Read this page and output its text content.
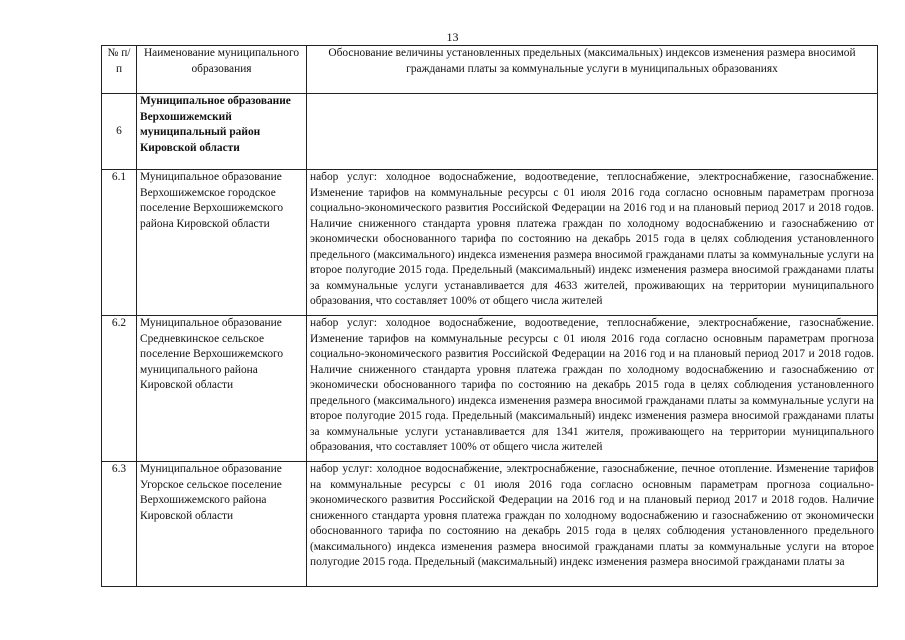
13
№ п/п	Наименование муниципального образования	Обоснование величины установленных предельных (максимальных) индексов изменения размера вносимой гражданами платы за коммунальные услуги в муниципальных образованиях
6	Муниципальное образование Верхошижемский муниципальный район Кировской области	
6.1	Муниципальное образование Верхошижемское городское поселение Верхошижемского района Кировской области	набор услуг: холодное водоснабжение, водоотведение, теплоснабжение, электроснабжение, газоснабжение. Изменение тарифов на коммунальные ресурсы с 01 июля 2016 года согласно основным параметрам прогноза социально-экономического развития Российской Федерации на 2016 год и на плановый период 2017 и 2018 годов. Наличие сниженного стандарта уровня платежа граждан по холодному водоснабжению и газоснабжению от экономически обоснованного тарифа по состоянию на декабрь 2015 года в целях соблюдения установленного предельного (максимального) индекса изменения размера вносимой гражданами платы за коммунальные услуги на второе полугодие 2015 года. Предельный (максимальный) индекс изменения размера вносимой гражданами платы за коммунальные услуги устанавливается для 4633 жителей, проживающих на территории муниципального образования, что составляет 100% от общего числа жителей
6.2	Муниципальное образование Средневкинское сельское поселение Верхошижемского муниципального района Кировской области	набор услуг: холодное водоснабжение, водоотведение, теплоснабжение, электроснабжение, газоснабжение. Изменение тарифов на коммунальные ресурсы с 01 июля 2016 года согласно основным параметрам прогноза социально-экономического развития Российской Федерации на 2016 год и на плановый период 2017 и 2018 годов. Наличие сниженного стандарта уровня платежа граждан по холодному водоснабжению и газоснабжению от экономически обоснованного тарифа по состоянию на декабрь 2015 года в целях соблюдения установленного предельного (максимального) индекса изменения размера вносимой гражданами платы за коммунальные услуги на второе полугодие 2015 года. Предельный (максимальный) индекс изменения размера вносимой гражданами платы за коммунальные услуги устанавливается для 1341 жителя, проживающего на территории муниципального образования, что составляет 100% от общего числа жителей
6.3	Муниципальное образование Угорское сельское поселение Верхошижемского района Кировской области	набор услуг: холодное водоснабжение, электроснабжение, газоснабжение, печное отопление. Изменение тарифов на коммунальные ресурсы с 01 июля 2016 года согласно основным параметрам прогноза социально-экономического развития Российской Федерации на 2016 год и на плановый период 2017 и 2018 годов. Наличие сниженного стандарта уровня платежа граждан по холодному водоснабжению и газоснабжению от экономически обоснованного тарифа по состоянию на декабрь 2015 года в целях соблюдения установленного предельного (максимального) индекса изменения размера вносимой гражданами платы за коммунальные услуги на второе полугодие 2015 года. Предельный (максимальный) индекс изменения размера вносимой гражданами платы за
